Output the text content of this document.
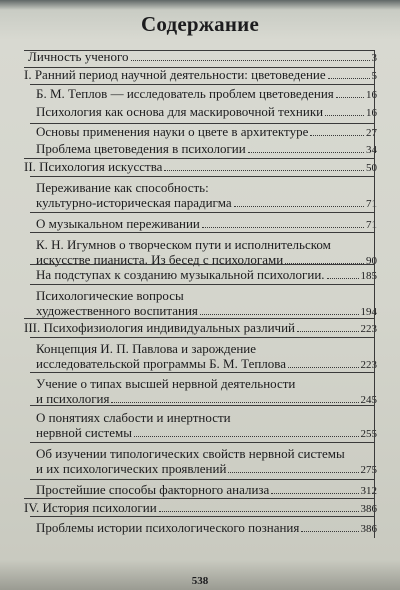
Содержание
Личность ученого	3
I. Ранний период научной деятельности: цветоведение	5
Б. М. Теплов — исследователь проблем цветоведения	16
Психология как основа для маскировочной техники	16
Основы применения науки о цвете в архитектуре	27
Проблема цветоведения в психологии	34
II. Психология искусства	50
Переживание как способность:
культурно-историческая парадигма	71
О музыкальном переживании	71
К. Н. Игумнов о творческом пути и исполнительском
искусстве пианиста. Из бесед с психологами	90
На подступах к созданию музыкальной психологии.	185
Психологические вопросы
художественного воспитания	194
III. Психофизиология индивидуальных различий	223
Концепция И. П. Павлова и зарождение
исследовательской программы Б. М. Теплова	223
Учение о типах высшей нервной деятельности
и психология	245
О понятиях слабости и инертности
нервной системы	255
Об изучении типологических свойств нервной системы
и их психологических проявлений	275
Простейшие способы факторного анализа	312
IV. История психологии	386
Проблемы истории психологического познания	386
538
